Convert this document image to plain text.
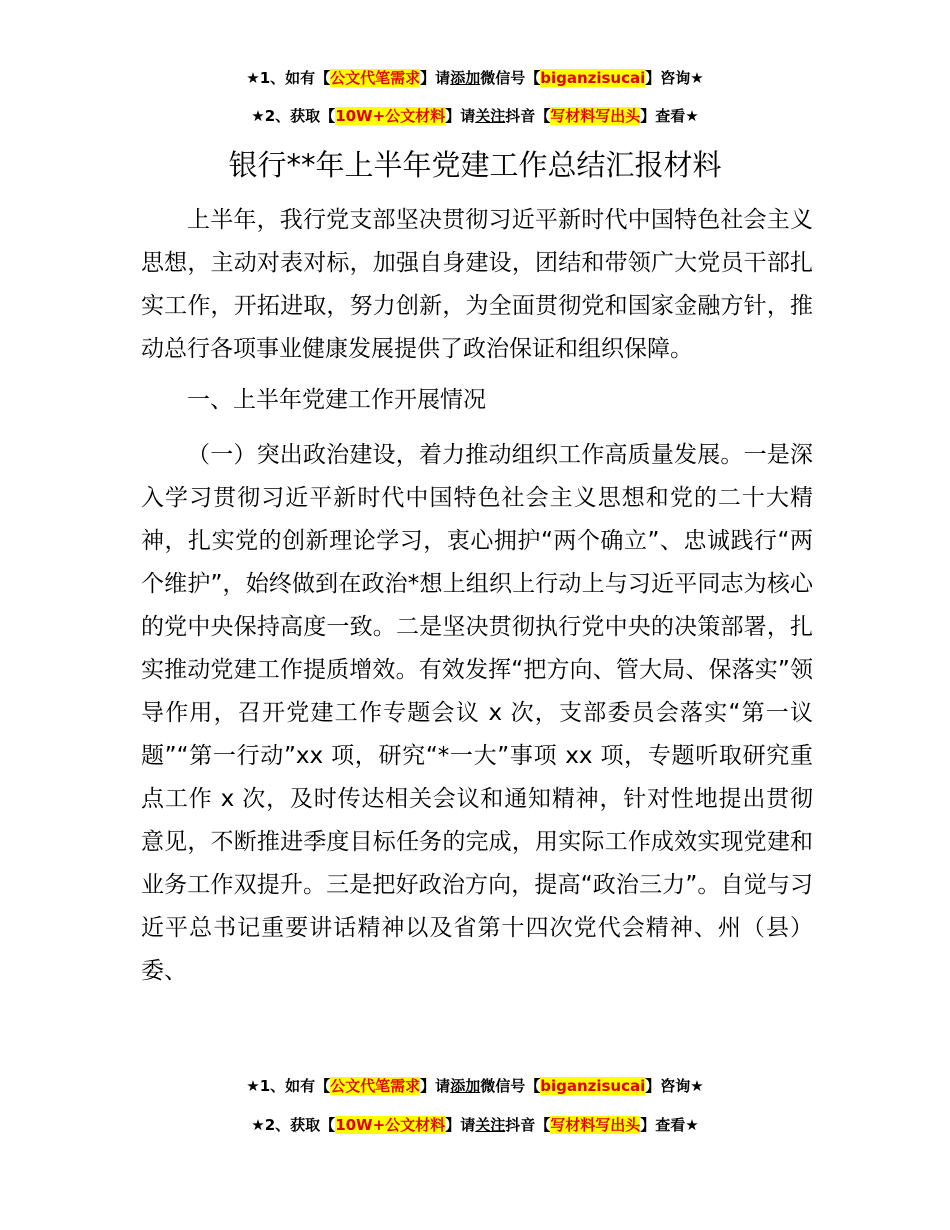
★1、如有【公文代笔需求】请添加微信号【biganzisucai】咨询★
★2、获取【10W+公文材料】请关注抖音【写材料写出头】查看★
银行**年上半年党建工作总结汇报材料

上半年，我行党支部坚决贯彻习近平新时代中国特色社会主义思想，主动对表对标，加强自身建设，团结和带领广大党员干部扎实工作，开拓进取，努力创新，为全面贯彻党和国家金融方针，推动总行各项事业健康发展提供了政治保证和组织保障。

一、上半年党建工作开展情况

（一）突出政治建设，着力推动组织工作高质量发展。一是深入学习贯彻习近平新时代中国特色社会主义思想和党的二十大精神，扎实党的创新理论学习，衷心拥护“两个确立”、忠诚践行“两个维护”，始终做到在政治*想上组织上行动上与习近平同志为核心的党中央保持高度一致。二是坚决贯彻执行党中央的决策部署，扎实推动党建工作提质增效。有效发挥“把方向、管大局、保落实”领导作用，召开党建工作专题会议 x 次，支部委员会落实“第一议题”“第一行动”xx 项，研究“*一大”事项 xx 项，专题听取研究重点工作 x 次，及时传达相关会议和通知精神，针对性地提出贯彻意见，不断推进季度目标任务的完成，用实际工作成效实现党建和业务工作双提升。三是把好政治方向，提高“政治三力”。自觉与习近平总书记重要讲话精神以及省第十四次党代会精神、州（县）委、

★1、如有【公文代笔需求】请添加微信号【biganzisucai】咨询★
★2、获取【10W+公文材料】请关注抖音【写材料写出头】查看★
